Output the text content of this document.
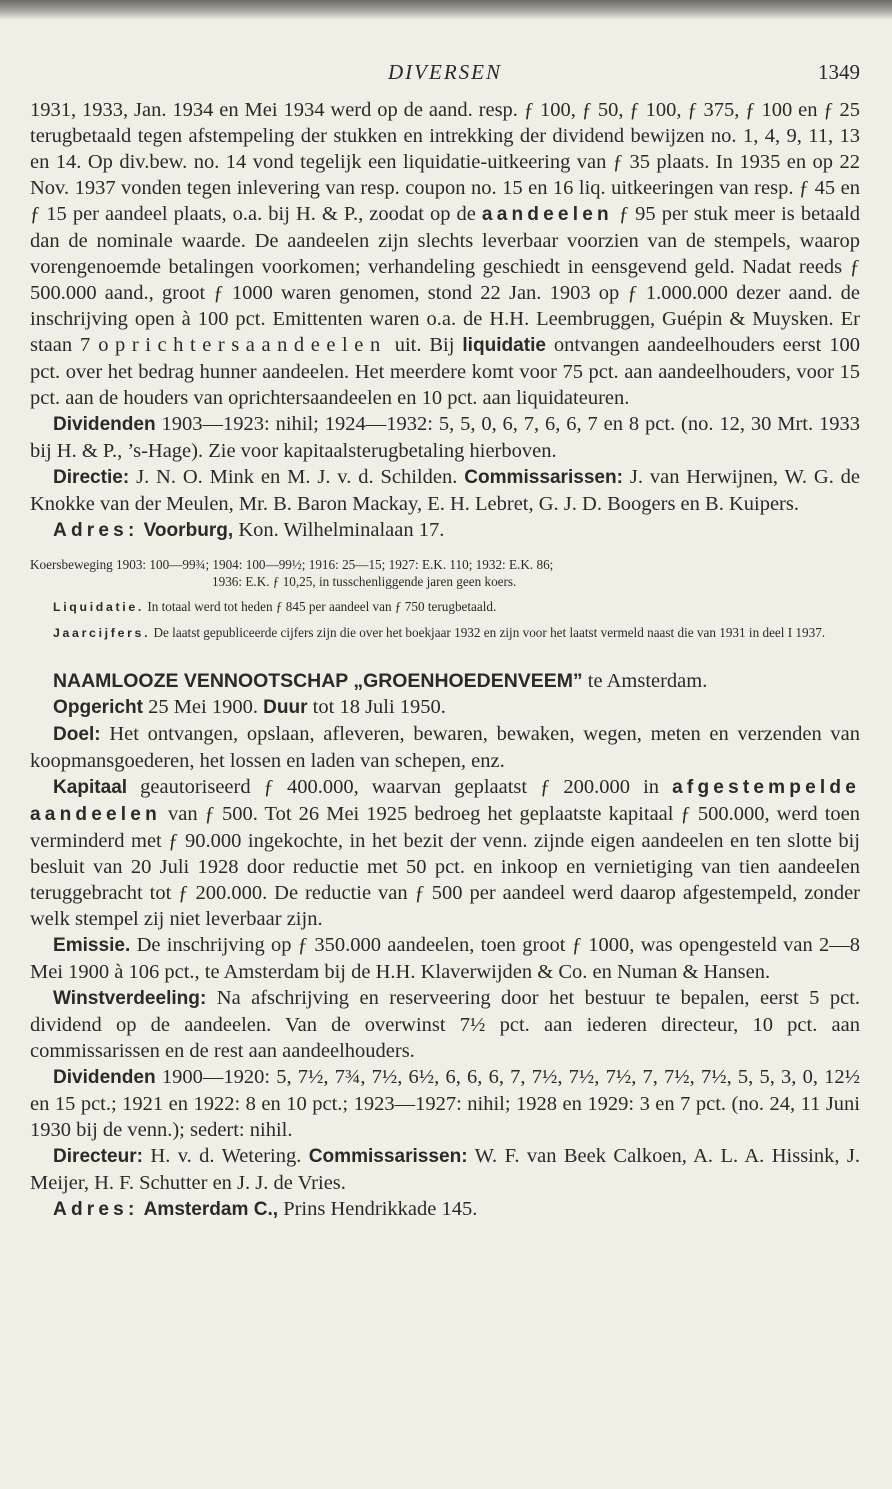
DIVERSEN	1349

1931, 1933, Jan. 1934 en Mei 1934 werd op de aand. resp. ƒ 100, ƒ 50, ƒ 100, ƒ 375, ƒ 100 en ƒ 25 terugbetaald tegen afstempeling der stukken en intrekking der dividend bewijzen no. 1, 4, 9, 11, 13 en 14. Op div.bew. no. 14 vond tegelijk een liquidatie-uitkeering van ƒ 35 plaats. In 1935 en op 22 Nov. 1937 vonden tegen inlevering van resp. coupon no. 15 en 16 liq. uitkeeringen van resp. ƒ 45 en ƒ 15 per aandeel plaats, o.a. bij H. & P., zoodat op de aandeelen ƒ 95 per stuk meer is betaald dan de nominale waarde. De aandeelen zijn slechts leverbaar voorzien van de stempels, waarop vorengenoemde betalingen voorkomen; verhandeling geschiedt in eensgevend geld. Nadat reeds ƒ 500.000 aand., groot ƒ 1000 waren genomen, stond 22 Jan. 1903 op ƒ 1.000.000 dezer aand. de inschrijving open à 100 pct. Emittenten waren o.a. de H.H. Leembruggen, Guépin & Muysken. Er staan 7 oprichtersaandeelen uit. Bij liquidatie ontvangen aandeelhouders eerst 100 pct. over het bedrag hunner aandeelen. Het meerdere komt voor 75 pct. aan aandeelhouders, voor 15 pct. aan de houders van oprichtersaandeelen en 10 pct. aan liquidateuren.

Dividenden 1903—1923: nihil; 1924—1932: 5, 5, 0, 6, 7, 6, 6, 7 en 8 pct. (no. 12, 30 Mrt. 1933 bij H. & P., ’s-Hage). Zie voor kapitaalsterugbetaling hierboven.

Directie: J. N. O. Mink en M. J. v. d. Schilden. Commissarissen: J. van Herwijnen, W. G. de Knokke van der Meulen, Mr. B. Baron Mackay, E. H. Lebret, G. J. D. Boogers en B. Kuipers.

Adres: Voorburg, Kon. Wilhelminalaan 17.

Koersbeweging 1903: 100—99¾; 1904: 100—99½; 1916: 25—15; 1927: E.K. 110; 1932: E.K. 86;
1936: E.K. ƒ 10,25, in tusschenliggende jaren geen koers.

Liquidatie. In totaal werd tot heden ƒ 845 per aandeel van ƒ 750 terugbetaald.

Jaarcijfers. De laatst gepubliceerde cijfers zijn die over het boekjaar 1932 en zijn voor het laatst vermeld naast die van 1931 in deel I 1937.

NAAMLOOZE VENNOOTSCHAP „GROENHOEDENVEEM” te Amsterdam.

Opgericht 25 Mei 1900. Duur tot 18 Juli 1950.

Doel: Het ontvangen, opslaan, afleveren, bewaren, bewaken, wegen, meten en verzenden van koopmansgoederen, het lossen en laden van schepen, enz.

Kapitaal geautoriseerd ƒ 400.000, waarvan geplaatst ƒ 200.000 in afgestempelde aandeelen van ƒ 500. Tot 26 Mei 1925 bedroeg het geplaatste kapitaal ƒ 500.000, werd toen verminderd met ƒ 90.000 ingekochte, in het bezit der venn. zijnde eigen aandeelen en ten slotte bij besluit van 20 Juli 1928 door reductie met 50 pct. en inkoop en vernietiging van tien aandeelen teruggebracht tot ƒ 200.000. De reductie van ƒ 500 per aandeel werd daarop afgestempeld, zonder welk stempel zij niet leverbaar zijn.

Emissie. De inschrijving op ƒ 350.000 aandeelen, toen groot ƒ 1000, was opengesteld van 2—8 Mei 1900 à 106 pct., te Amsterdam bij de H.H. Klaverwijden & Co. en Numan & Hansen.

Winstverdeeling: Na afschrijving en reserveering door het bestuur te bepalen, eerst 5 pct. dividend op de aandeelen. Van de overwinst 7½ pct. aan iederen directeur, 10 pct. aan commissarissen en de rest aan aandeelhouders.

Dividenden 1900—1920: 5, 7½, 7¾, 7½, 6½, 6, 6, 6, 7, 7½, 7½, 7½, 7, 7½, 7½, 5, 5, 3, 0, 12½ en 15 pct.; 1921 en 1922: 8 en 10 pct.; 1923—1927: nihil; 1928 en 1929: 3 en 7 pct. (no. 24, 11 Juni 1930 bij de venn.); sedert: nihil.

Directeur: H. v. d. Wetering. Commissarissen: W. F. van Beek Calkoen, A. L. A. Hissink, J. Meijer, H. F. Schutter en J. J. de Vries.

Adres: Amsterdam C., Prins Hendrikkade 145.
